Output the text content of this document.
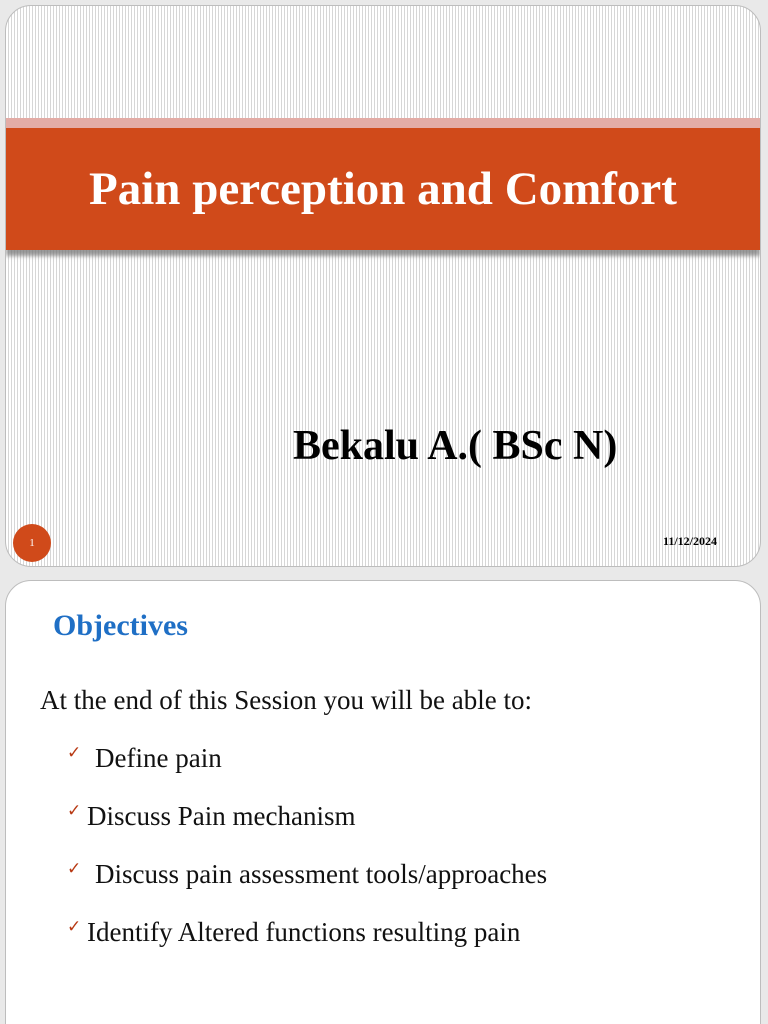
Pain perception and Comfort
Bekalu A.( BSc N)
1	11/12/2024
Objectives
At the end of this Session you will be able to:
✓ Define pain
✓ Discuss Pain mechanism
✓ Discuss pain assessment tools/approaches
✓ Identify Altered functions resulting pain
